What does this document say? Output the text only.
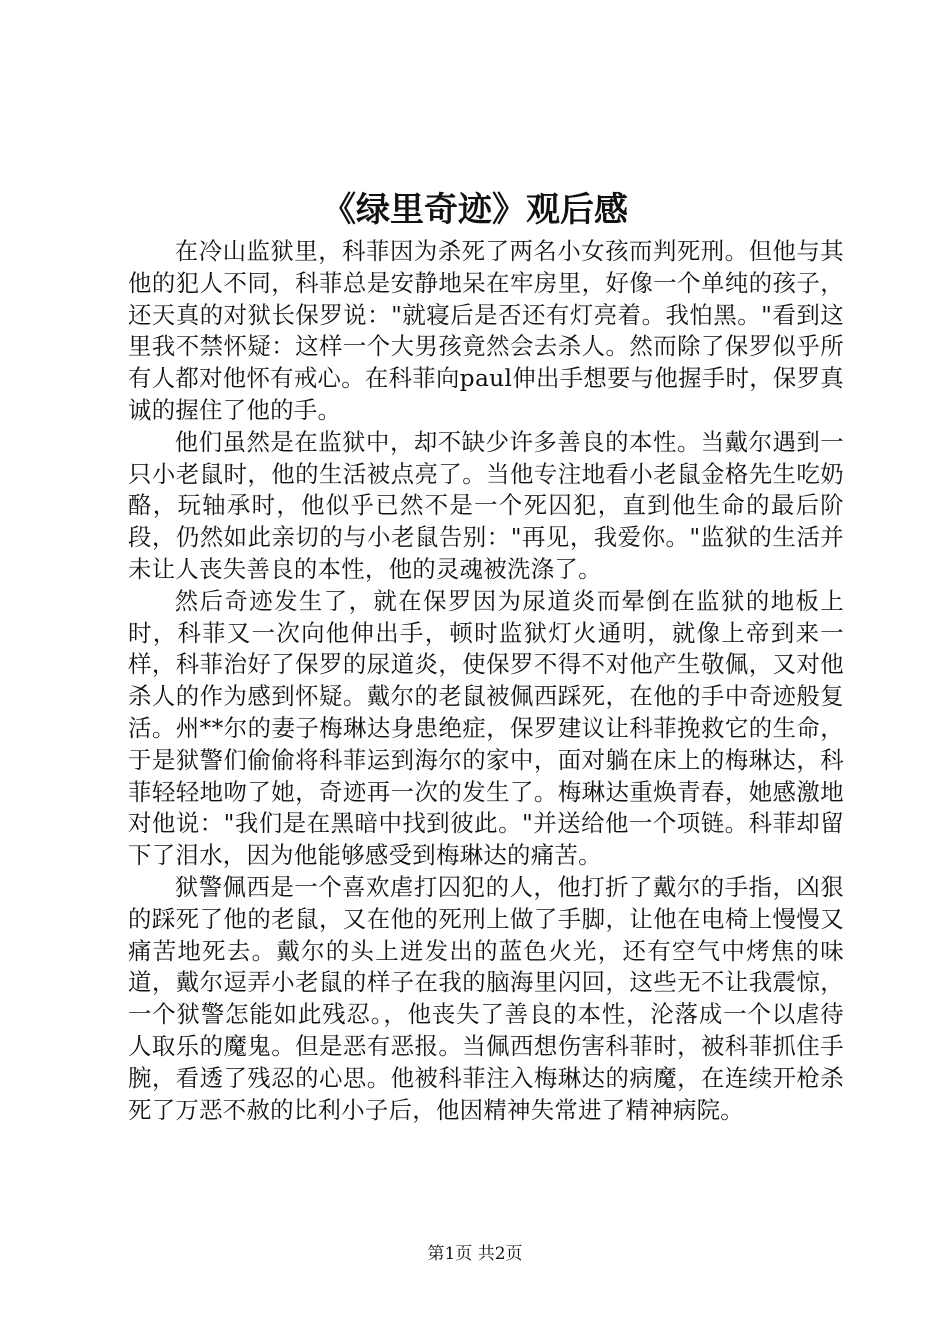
《绿里奇迹》观后感

在冷山监狱里，科菲因为杀死了两名小女孩而判死刑。但他与其他的犯人不同，科菲总是安静地呆在牢房里，好像一个单纯的孩子，还天真的对狱长保罗说："就寝后是否还有灯亮着。我怕黑。"看到这里我不禁怀疑：这样一个大男孩竟然会去杀人。然而除了保罗似乎所有人都对他怀有戒心。在科菲向paul伸出手想要与他握手时，保罗真诚的握住了他的手。

他们虽然是在监狱中，却不缺少许多善良的本性。当戴尔遇到一只小老鼠时，他的生活被点亮了。当他专注地看小老鼠金格先生吃奶酪，玩轴承时，他似乎已然不是一个死囚犯，直到他生命的最后阶段，仍然如此亲切的与小老鼠告别："再见，我爱你。"监狱的生活并未让人丧失善良的本性，他的灵魂被洗涤了。

然后奇迹发生了，就在保罗因为尿道炎而晕倒在监狱的地板上时，科菲又一次向他伸出手，顿时监狱灯火通明，就像上帝到来一样，科菲治好了保罗的尿道炎，使保罗不得不对他产生敬佩，又对他杀人的作为感到怀疑。戴尔的老鼠被佩西踩死，在他的手中奇迹般复活。州**尔的妻子梅琳达身患绝症，保罗建议让科菲挽救它的生命，于是狱警们偷偷将科菲运到海尔的家中，面对躺在床上的梅琳达，科菲轻轻地吻了她，奇迹再一次的发生了。梅琳达重焕青春，她感激地对他说："我们是在黑暗中找到彼此。"并送给他一个项链。科菲却留下了泪水，因为他能够感受到梅琳达的痛苦。

狱警佩西是一个喜欢虐打囚犯的人，他打折了戴尔的手指，凶狠的踩死了他的老鼠，又在他的死刑上做了手脚，让他在电椅上慢慢又痛苦地死去。戴尔的头上迸发出的蓝色火光，还有空气中烤焦的味道，戴尔逗弄小老鼠的样子在我的脑海里闪回，这些无不让我震惊，一个狱警怎能如此残忍。，他丧失了善良的本性，沦落成一个以虐待人取乐的魔鬼。但是恶有恶报。当佩西想伤害科菲时，被科菲抓住手腕，看透了残忍的心思。他被科菲注入梅琳达的病魔，在连续开枪杀死了万恶不赦的比利小子后，他因精神失常进了精神病院。

第1页 共2页
